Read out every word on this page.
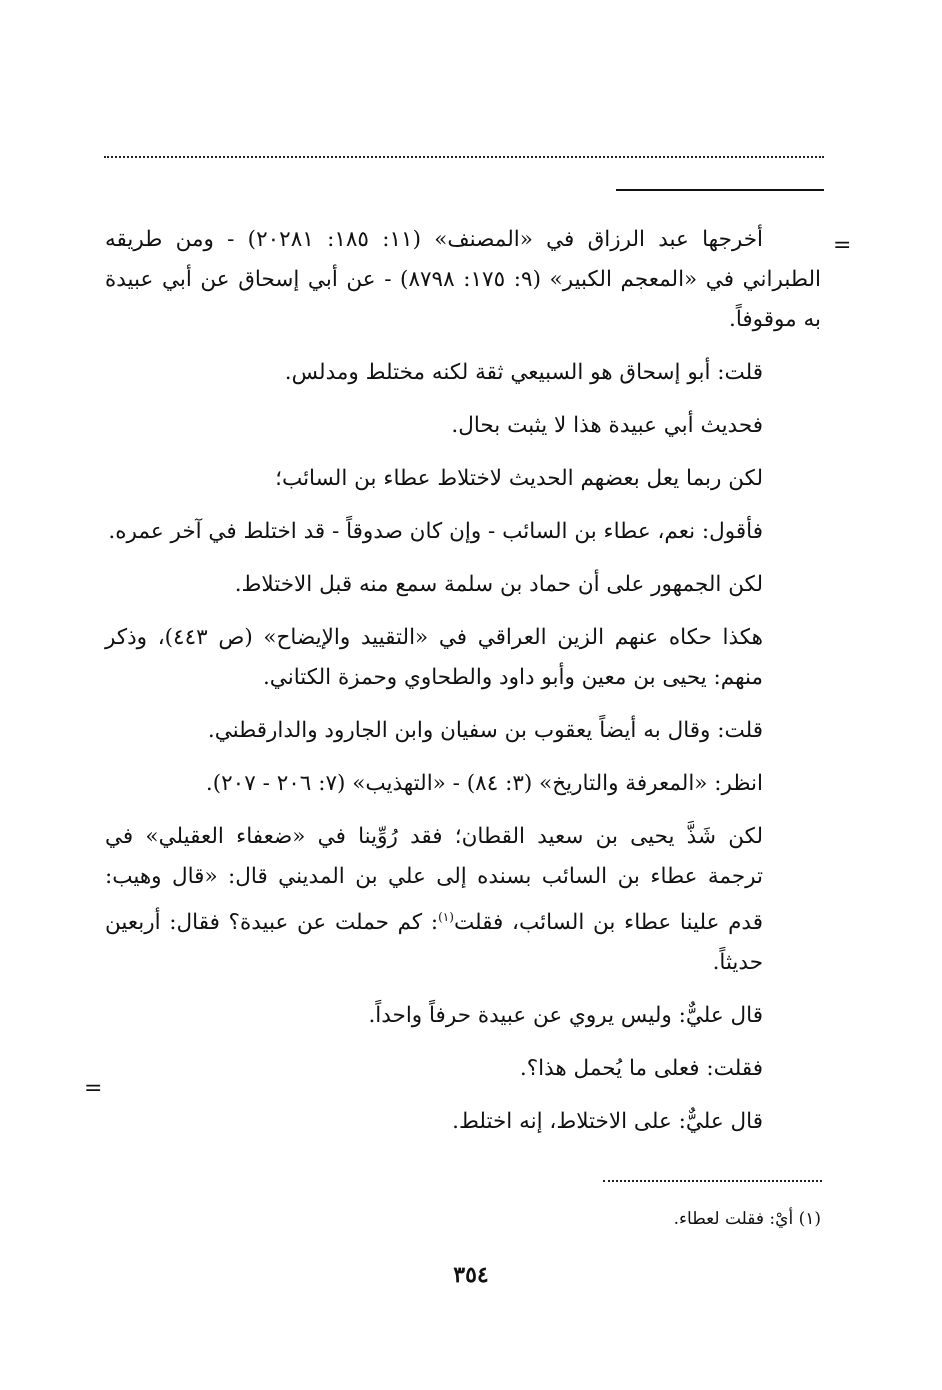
=

أخرجها عبد الرزاق في «المصنف» (١١: ١٨٥: ٢٠٢٨١) - ومن طريقه الطبراني في «المعجم الكبير» (٩: ١٧٥: ٨٧٩٨) - عن أبي إسحاق عن أبي عبيدة به موقوفاً.

قلت: أبو إسحاق هو السبيعي ثقة لكنه مختلط ومدلس.

فحديث أبي عبيدة هذا لا يثبت بحال.

لكن ربما يعل بعضهم الحديث لاختلاط عطاء بن السائب؛

فأقول: نعم، عطاء بن السائب - وإن كان صدوقاً - قد اختلط في آخر عمره.

لكن الجمهور على أن حماد بن سلمة سمع منه قبل الاختلاط.

هكذا حكاه عنهم الزين العراقي في «التقييد والإيضاح» (ص ٤٤٣)، وذكر منهم: يحيى بن معين وأبو داود والطحاوي وحمزة الكتاني.

قلت: وقال به أيضاً يعقوب بن سفيان وابن الجارود والدارقطني.

انظر: «المعرفة والتاريخ» (٣: ٨٤) - «التهذيب» (٧: ٢٠٦ - ٢٠٧).

لكن شَذَّ يحيى بن سعيد القطان؛ فقد رُوِّينا في «ضعفاء العقيلي» في ترجمة عطاء بن السائب بسنده إلى علي بن المديني قال: «قال وهيب: قدم علينا عطاء بن السائب، فقلت$^{(١)}$: كم حملت عن عبيدة؟ فقال: أربعين حديثاً.

قال عليٌّ: وليس يروي عن عبيدة حرفاً واحداً.

فقلت: فعلى ما يُحمل هذا؟.

قال عليٌّ: على الاختلاط، إنه اختلط.

=
(١) أيْ: فقلت لعطاء.
٣٥٤
